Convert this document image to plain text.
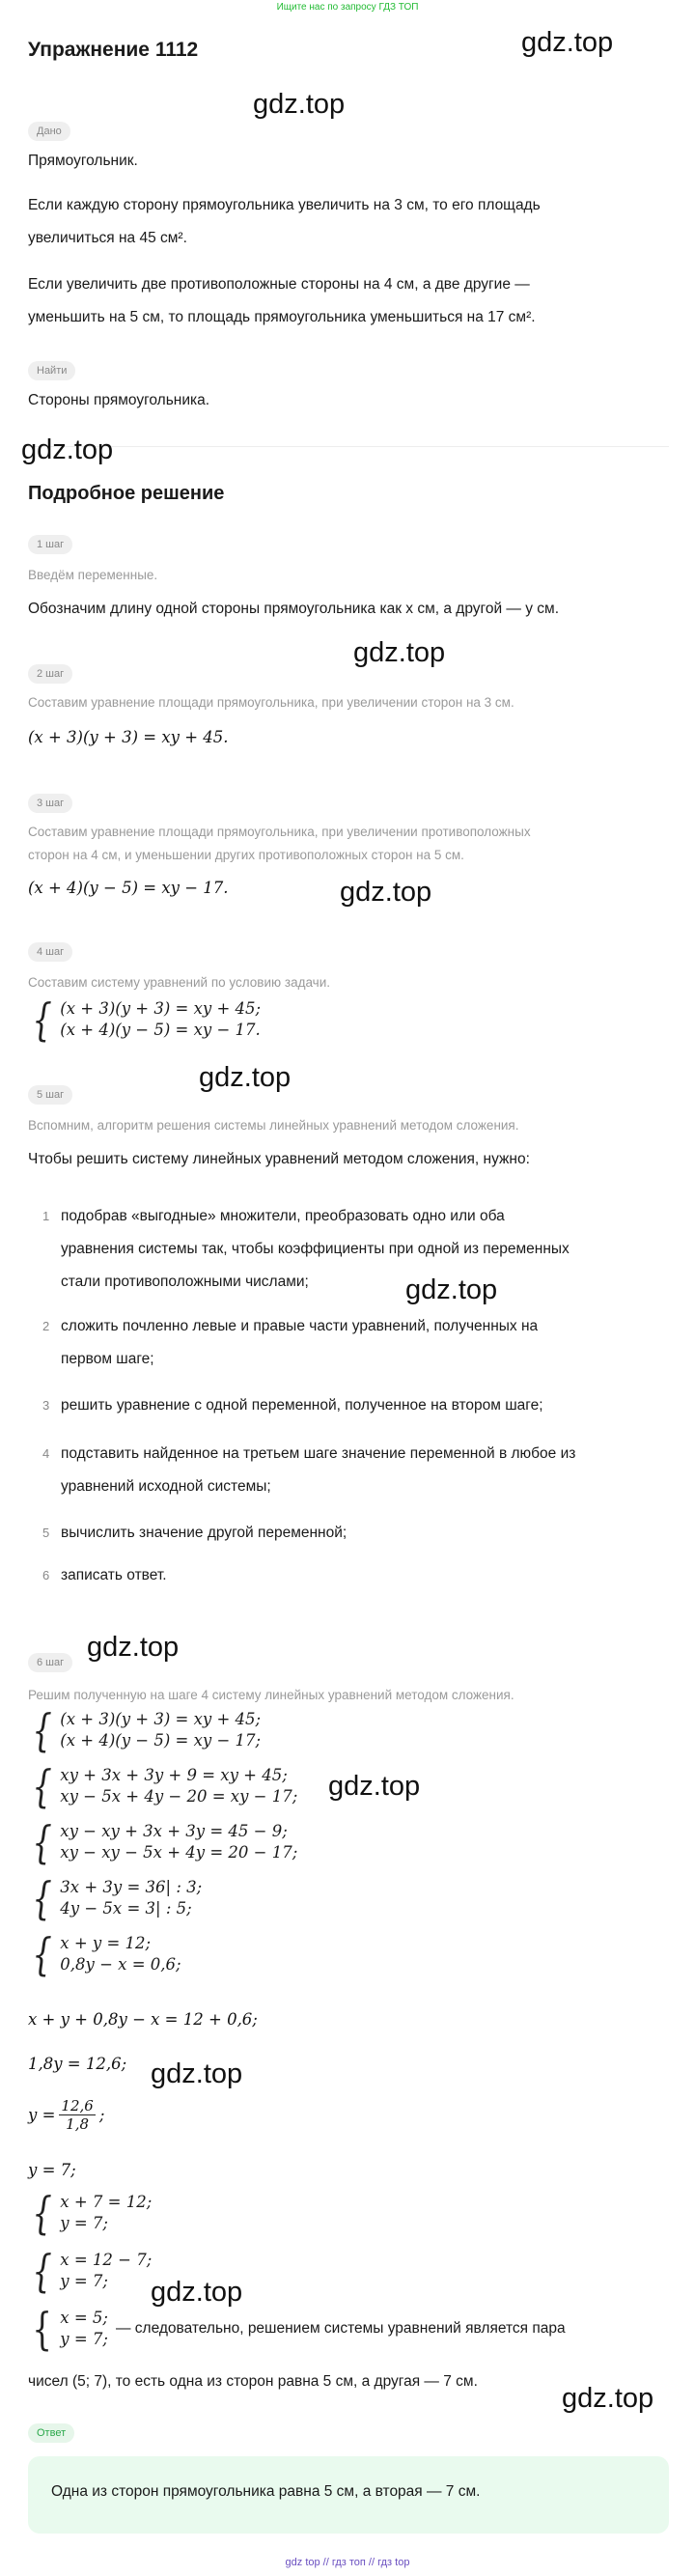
Ищите нас по запросу ГДЗ ТОП
Упражнение 1112
Дано
Прямоугольник.
Если каждую сторону прямоугольника увеличить на 3 см, то его площадь
увеличиться на 45 см².
Если увеличить две противоположные стороны на 4 см, а две другие —
уменьшить на 5 см, то площадь прямоугольника уменьшиться на 17 см².
Найти
Стороны прямоугольника.
Подробное решение
1 шаг
Введём переменные.
Обозначим длину одной стороны прямоугольника как x см, а другой — y см.
2 шаг
Составим уравнение площади прямоугольника, при увеличении сторон на 3 см.
(x + 3)(y + 3) = xy + 45.
3 шаг
Составим уравнение площади прямоугольника, при увеличении противоположных
сторон на 4 см, и уменьшении других противоположных сторон на 5 см.
(x + 4)(y − 5) = xy − 17.
4 шаг
Составим систему уравнений по условию задачи.
{ (x + 3)(y + 3) = xy + 45;
(x + 4)(y − 5) = xy − 17.
5 шаг
Вспомним, алгоритм решения системы линейных уравнений методом сложения.
Чтобы решить систему линейных уравнений методом сложения, нужно:
1 подобрав «выгодные» множители, преобразовать одно или оба
уравнения системы так, чтобы коэффициенты при одной из переменных
стали противоположными числами;
2 сложить почленно левые и правые части уравнений, полученных на
первом шаге;
3 решить уравнение с одной переменной, полученное на втором шаге;
4 подставить найденное на третьем шаге значение переменной в любое из
уравнений исходной системы;
5 вычислить значение другой переменной;
6 записать ответ.
6 шаг
Решим полученную на шаге 4 систему линейных уравнений методом сложения.
{ (x + 3)(y + 3) = xy + 45;
(x + 4)(y − 5) = xy − 17;
{ xy + 3x + 3y + 9 = xy + 45;
xy − 5x + 4y − 20 = xy − 17;
{ xy − xy + 3x + 3y = 45 − 9;
xy − xy − 5x + 4y = 20 − 17;
{ 3x + 3y = 36| : 3;
4y − 5x = 3| : 5;
{ x + y = 12;
0,8y − x = 0,6;
x + y + 0,8y − x = 12 + 0,6;
1,8y = 12,6;
$y = \frac{12,6}{1,8}$ ;
y = 7;
{ x + 7 = 12;
y = 7;
{ x = 12 − 7;
y = 7;
{ x = 5;
y = 7;
— следовательно, решением системы уравнений является пара
чисел (5; 7), то есть одна из сторон равна 5 см, а другая — 7 см.
Ответ
Одна из сторон прямоугольника равна 5 см, а вторая — 7 см.
gdz.top
gdz.top
gdz.top
gdz.top
gdz.top
gdz.top
gdz.top
gdz.top
gdz.top
gdz.top
gdz.top
gdz.top
gdz top // гдз топ // гдз top
